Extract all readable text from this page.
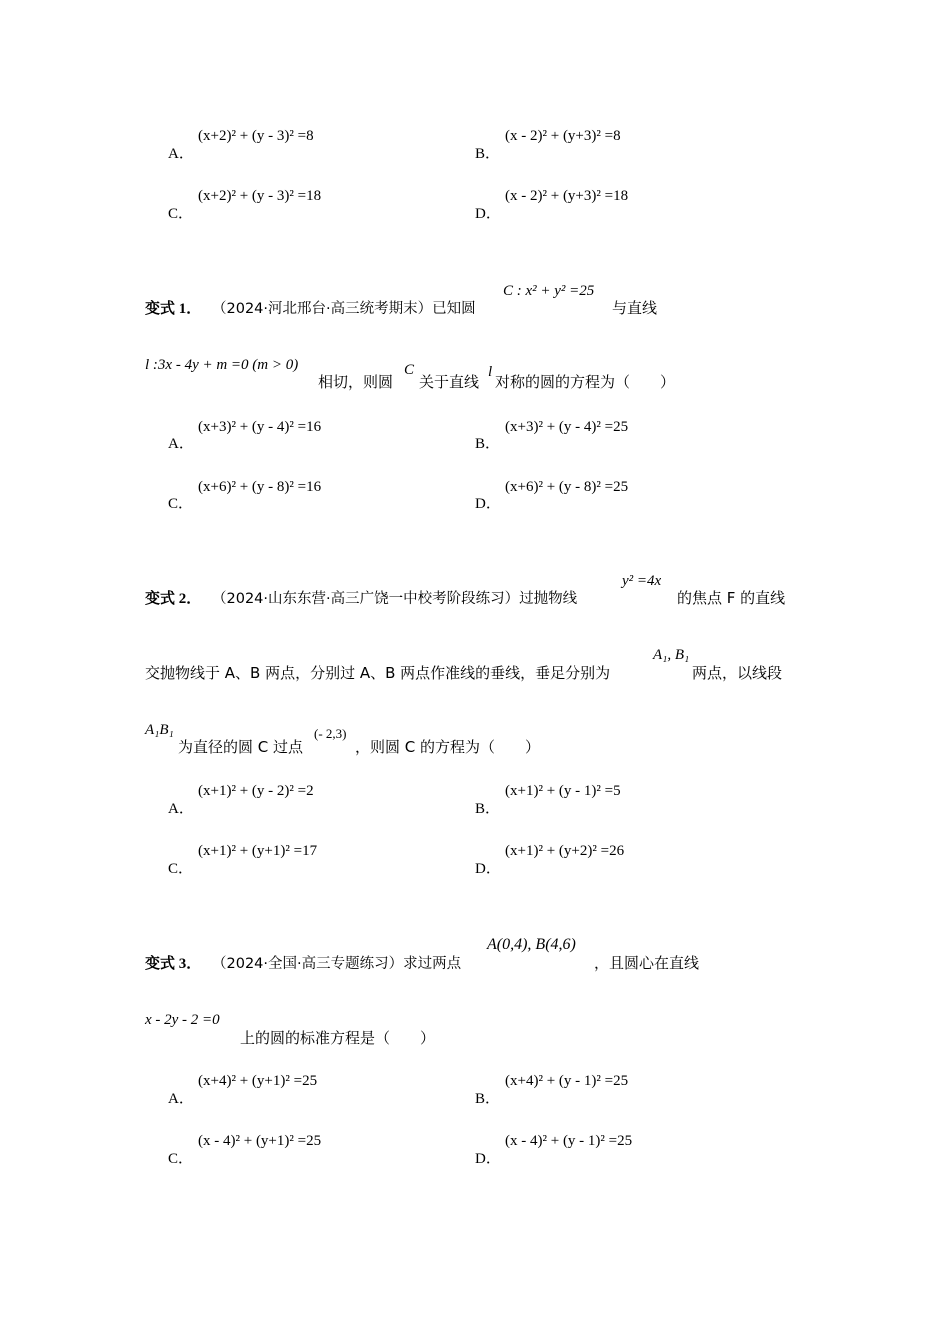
A．
(x+2)² + (y - 3)² =8
B．
(x - 2)² + (y+3)² =8
C．
(x+2)² + (y - 3)² =18
D．
(x - 2)² + (y+3)² =18
变式 1． （2024·河北邢台·高三统考期末）已知圆
C : x² + y² =25
与直线
l :3x - 4y + m =0 (m > 0)
相切，则圆
C
关于直线
l
对称的圆的方程为（　　）
A．
(x+3)² + (y - 4)² =16
B．
(x+3)² + (y - 4)² =25
C．
(x+6)² + (y - 8)² =16
D．
(x+6)² + (y - 8)² =25
变式 2． （2024·山东东营·高三广饶一中校考阶段练习）过抛物线
y² =4x
的焦点 F 的直线
交抛物线于 A、B 两点，分别过 A、B 两点作准线的垂线，垂足分别为
A₁, B₁
两点，以线段
A₁B₁
为直径的圆 C 过点
(- 2,3)
，则圆 C 的方程为（　　）
A．
(x+1)² + (y - 2)² =2
B．
(x+1)² + (y - 1)² =5
C．
(x+1)² + (y+1)² =17
D．
(x+1)² + (y+2)² =26
变式 3． （2024·全国·高三专题练习）求过两点
A(0,4), B(4,6)
，且圆心在直线
x - 2y - 2 =0
上的圆的标准方程是（　　）
A．
(x+4)² + (y+1)² =25
B．
(x+4)² + (y - 1)² =25
C．
(x - 4)² + (y+1)² =25
D．
(x - 4)² + (y - 1)² =25
